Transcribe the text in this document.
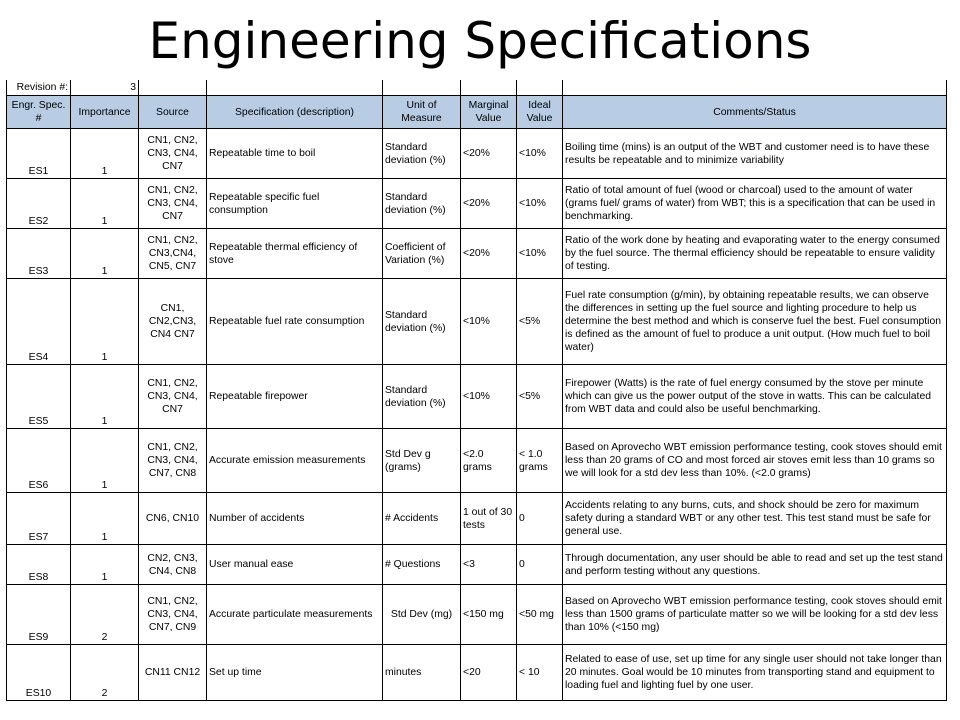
Engineering Specifications
Revision #:	3						
Engr. Spec. #	Importance	Source	Specification (description)	Unit of Measure	Marginal Value	Ideal Value	Comments/Status
ES1	1	CN1, CN2, CN3, CN4, CN7	Repeatable time to boil	Standard deviation (%)	<20%	<10%	Boiling time (mins) is an output of the WBT and customer need is to have these results be repeatable and to minimize variability
ES2	1	CN1, CN2, CN3, CN4, CN7	Repeatable specific fuel consumption	Standard deviation (%)	<20%	<10%	Ratio of total amount of fuel (wood or charcoal) used to the amount of water (grams fuel/ grams of water) from WBT; this is a specification that can be used in benchmarking.
ES3	1	CN1, CN2, CN3,CN4, CN5, CN7	Repeatable thermal efficiency of stove	Coefficient of Variation (%)	<20%	<10%	Ratio of the work done by heating and evaporating water to the energy consumed by the fuel source. The thermal efficiency should be repeatable to ensure validity of testing.
ES4	1	CN1, CN2,CN3, CN4 CN7	Repeatable fuel rate consumption	Standard deviation (%)	<10%	<5%	Fuel rate consumption (g/min), by obtaining repeatable results, we can observe the differences in setting up the fuel source and lighting procedure to help us determine the best method and which is conserve fuel the best. Fuel consumption is defined as the amount of fuel to produce a unit output. (How much fuel to boil water)
ES5	1	CN1, CN2, CN3, CN4, CN7	Repeatable firepower	Standard deviation (%)	<10%	<5%	Firepower (Watts) is the rate of fuel energy consumed by the stove per minute which can give us the power output of the stove in watts. This can be calculated from WBT data and could also be useful benchmarking.
ES6	1	CN1, CN2, CN3, CN4, CN7, CN8	Accurate emission measurements	Std Dev g (grams)	<2.0 grams	< 1.0 grams	Based on Aprovecho WBT emission performance testing, cook stoves should emit less than 20 grams of CO and most forced air stoves emit less than 10 grams so we will look for a std dev less than 10%. (<2.0 grams)
ES7	1	CN6, CN10	Number of accidents	# Accidents	1 out of 30 tests	0	Accidents relating to any burns, cuts, and shock should be zero for maximum safety during a standard WBT or any other test. This test stand must be safe for general use.
ES8	1	CN2, CN3, CN4, CN8	User manual ease	# Questions	<3	0	Through documentation, any user should be able to read and set up the test stand and perform testing without any questions.
ES9	2	CN1, CN2, CN3, CN4, CN7, CN9	Accurate particulate measurements	Std Dev (mg)	<150 mg	<50 mg	Based on Aprovecho WBT emission performance testing, cook stoves should emit less than 1500 grams of particulate matter so we will be looking for a std dev less than 10% (<150 mg)
ES10	2	CN11 CN12	Set up time	minutes	<20	< 10	Related to ease of use, set up time for any single user should not take longer than 20 minutes. Goal would be 10 minutes from transporting stand and equipment to loading fuel and lighting fuel by one user.
